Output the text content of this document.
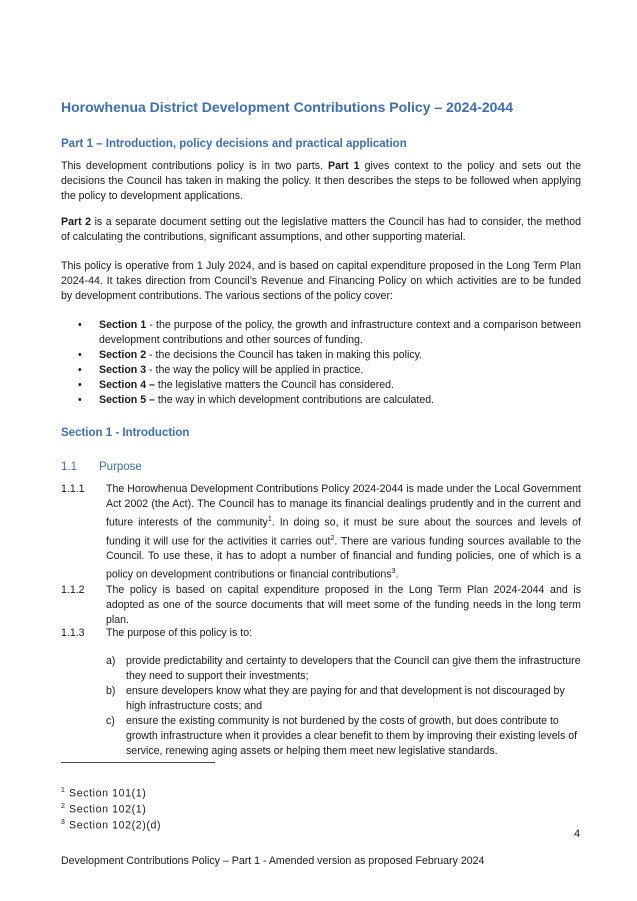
Horowhenua District Development Contributions Policy – 2024-2044
Part 1 – Introduction, policy decisions and practical application
This development contributions policy is in two parts. Part 1 gives context to the policy and sets out the decisions the Council has taken in making the policy. It then describes the steps to be followed when applying the policy to development applications.
Part 2 is a separate document setting out the legislative matters the Council has had to consider, the method of calculating the contributions, significant assumptions, and other supporting material.
This policy is operative from 1 July 2024, and is based on capital expenditure proposed in the Long Term Plan 2024-44. It takes direction from Council’s Revenue and Financing Policy on which activities are to be funded by development contributions. The various sections of the policy cover:
• Section 1 - the purpose of the policy, the growth and infrastructure context and a comparison between development contributions and other sources of funding.
• Section 2 - the decisions the Council has taken in making this policy.
• Section 3 - the way the policy will be applied in practice.
• Section 4 – the legislative matters the Council has considered.
• Section 5 – the way in which development contributions are calculated.
Section 1 - Introduction
1.1 Purpose
1.1.1 The Horowhenua Development Contributions Policy 2024-2044 is made under the Local Government Act 2002 (the Act). The Council has to manage its financial dealings prudently and in the current and future interests of the community$^1$. In doing so, it must be sure about the sources and levels of funding it will use for the activities it carries out$^2$. There are various funding sources available to the Council. To use these, it has to adopt a number of financial and funding policies, one of which is a policy on development contributions or financial contributions$^3$.
1.1.2 The policy is based on capital expenditure proposed in the Long Term Plan 2024-2044 and is adopted as one of the source documents that will meet some of the funding needs in the long term plan.
1.1.3 The purpose of this policy is to:
a) provide predictability and certainty to developers that the Council can give them the infrastructure they need to support their investments;
b) ensure developers know what they are paying for and that development is not discouraged by high infrastructure costs; and
c) ensure the existing community is not burdened by the costs of growth, but does contribute to growth infrastructure when it provides a clear benefit to them by improving their existing levels of service, renewing aging assets or helping them meet new legislative standards.
$^1$ Section 101(1)
$^2$ Section 102(1)
$^3$ Section 102(2)(d)
4
Development Contributions Policy – Part 1 - Amended version as proposed February 2024
